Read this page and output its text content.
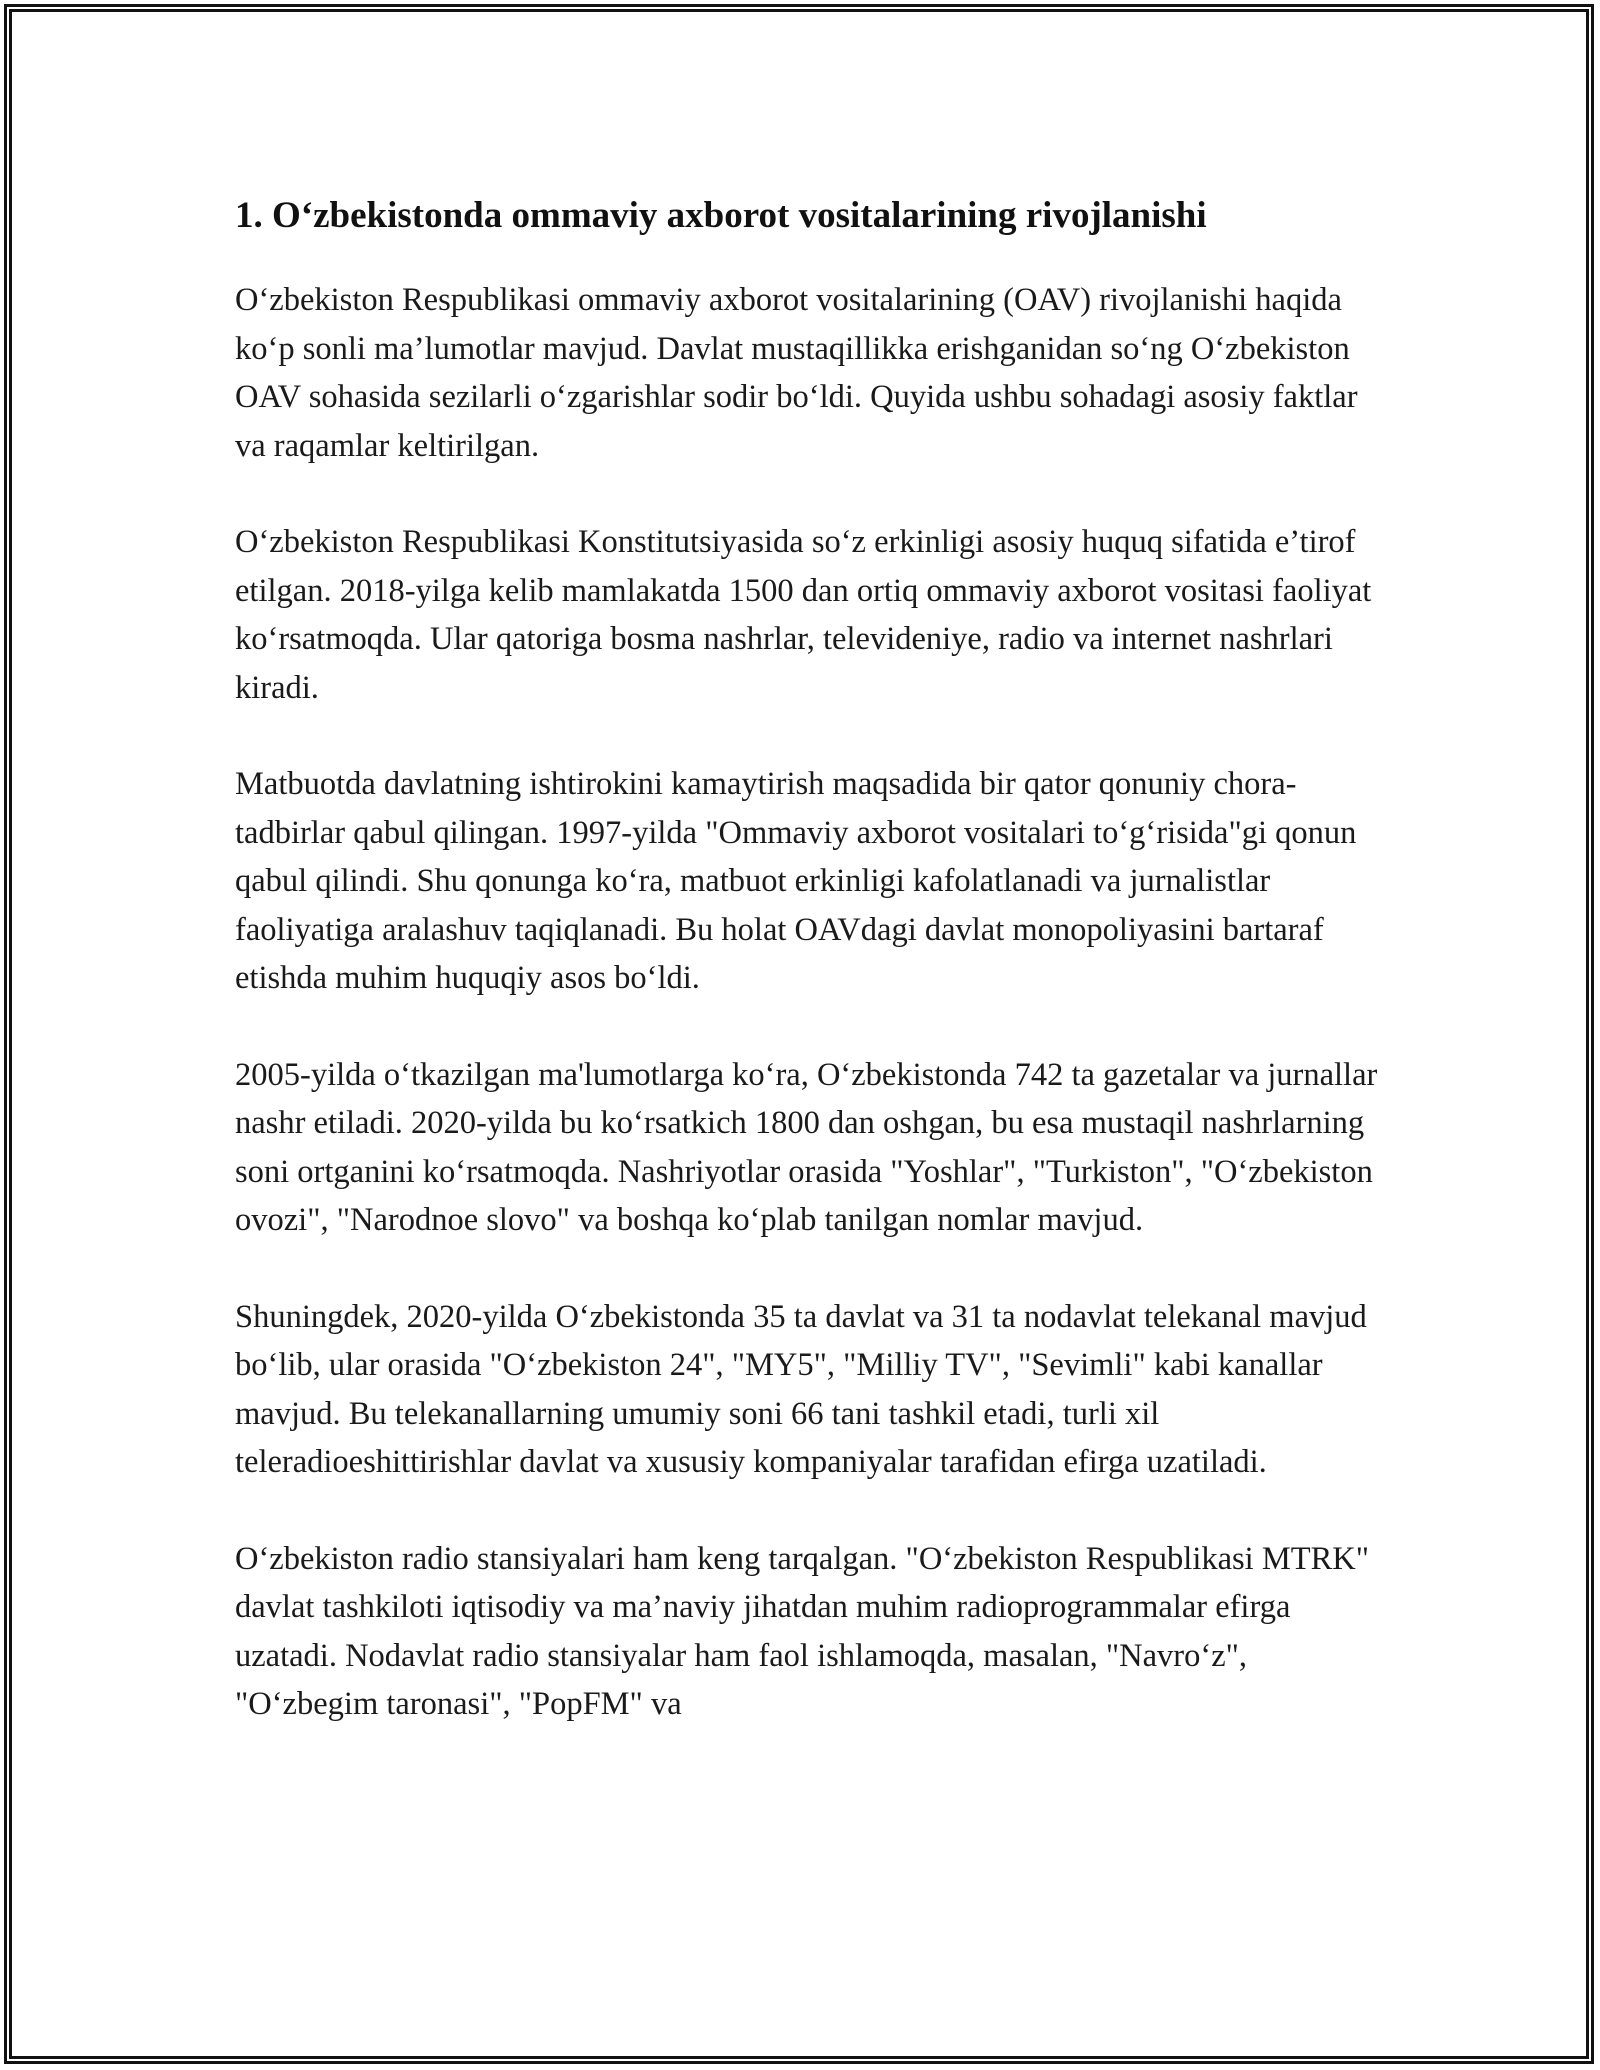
1. O‘zbekistonda ommaviy axborot vositalarining rivojlanishi

O‘zbekiston Respublikasi ommaviy axborot vositalarining (OAV) rivojlanishi haqida ko‘p sonli ma’lumotlar mavjud. Davlat mustaqillikka erishganidan so‘ng O‘zbekiston OAV sohasida sezilarli o‘zgarishlar sodir bo‘ldi. Quyida ushbu sohadagi asosiy faktlar va raqamlar keltirilgan.

O‘zbekiston Respublikasi Konstitutsiyasida so‘z erkinligi asosiy huquq sifatida e’tirof etilgan. 2018-yilga kelib mamlakatda 1500 dan ortiq ommaviy axborot vositasi faoliyat ko‘rsatmoqda. Ular qatoriga bosma nashrlar, televideniye, radio va internet nashrlari kiradi.

Matbuotda davlatning ishtirokini kamaytirish maqsadida bir qator qonuniy chora-tadbirlar qabul qilingan. 1997-yilda "Ommaviy axborot vositalari to‘g‘risida"gi qonun qabul qilindi. Shu qonunga ko‘ra, matbuot erkinligi kafolatlanadi va jurnalistlar faoliyatiga aralashuv taqiqlanadi. Bu holat OAVdagi davlat monopoliyasini bartaraf etishda muhim huquqiy asos bo‘ldi.

2005-yilda o‘tkazilgan ma'lumotlarga ko‘ra, O‘zbekistonda 742 ta gazetalar va jurnallar nashr etiladi. 2020-yilda bu ko‘rsatkich 1800 dan oshgan, bu esa mustaqil nashrlarning soni ortganini ko‘rsatmoqda. Nashriyotlar orasida "Yoshlar", "Turkiston", "O‘zbekiston ovozi", "Narodnoe slovo" va boshqa ko‘plab tanilgan nomlar mavjud.

Shuningdek, 2020-yilda O‘zbekistonda 35 ta davlat va 31 ta nodavlat telekanal mavjud bo‘lib, ular orasida "O‘zbekiston 24", "MY5", "Milliy TV", "Sevimli" kabi kanallar mavjud. Bu telekanallarning umumiy soni 66 tani tashkil etadi, turli xil teleradioeshittirishlar davlat va xususiy kompaniyalar tarafidan efirga uzatiladi.

O‘zbekiston radio stansiyalari ham keng tarqalgan. "O‘zbekiston Respublikasi MTRK" davlat tashkiloti iqtisodiy va ma’naviy jihatdan muhim radioprogrammalar efirga uzatadi. Nodavlat radio stansiyalar ham faol ishlamoqda, masalan, "Navro‘z", "O‘zbegim taronasi", "PopFM" va
